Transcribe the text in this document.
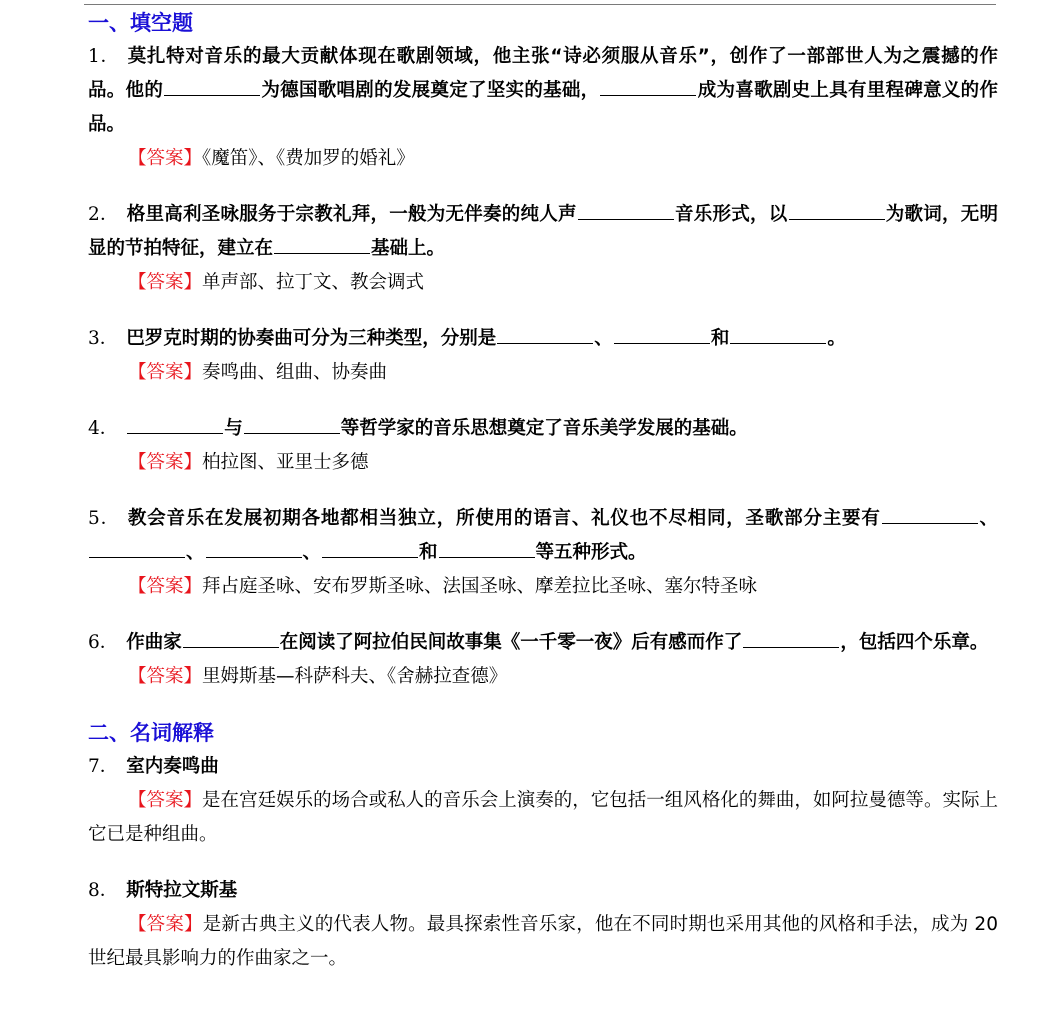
一、填空题

1． 莫扎特对音乐的最大贡献体现在歌剧领域，他主张“诗必须服从音乐”，创作了一部部世人为之震撼的作品。他的	为德国歌唱剧的发展奠定了坚实的基础，	成为喜歌剧史上具有里程碑意义的作品。

【答案】《魔笛》、《费加罗的婚礼》

2． 格里高利圣咏服务于宗教礼拜，一般为无伴奏的纯人声	音乐形式，以	为歌词，无明显的节拍特征，建立在	基础上。

【答案】单声部、拉丁文、教会调式

3． 巴罗克时期的协奏曲可分为三种类型，分别是	、	和	。

【答案】奏鸣曲、组曲、协奏曲

4．	与	等哲学家的音乐思想奠定了音乐美学发展的基础。

【答案】柏拉图、亚里士多德

5． 教会音乐在发展初期各地都相当独立，所使用的语言、礼仪也不尽相同，圣歌部分主要有	、、	、	和	等五种形式。

【答案】拜占庭圣咏、安布罗斯圣咏、法国圣咏、摩差拉比圣咏、塞尔特圣咏

6． 作曲家	在阅读了阿拉伯民间故事集《一千零一夜》后有感而作了	，包括四个乐章。

【答案】里姆斯基—科萨科夫、《舍赫拉查德》

二、名词解释

7． 室内奏鸣曲

【答案】是在宫廷娱乐的场合或私人的音乐会上演奏的，它包括一组风格化的舞曲，如阿拉曼德等。实际上它已是种组曲。

8． 斯特拉文斯基

【答案】是新古典主义的代表人物。最具探索性音乐家，他在不同时期也采用其他的风格和手法，成为 20 世纪最具影响力的作曲家之一。
